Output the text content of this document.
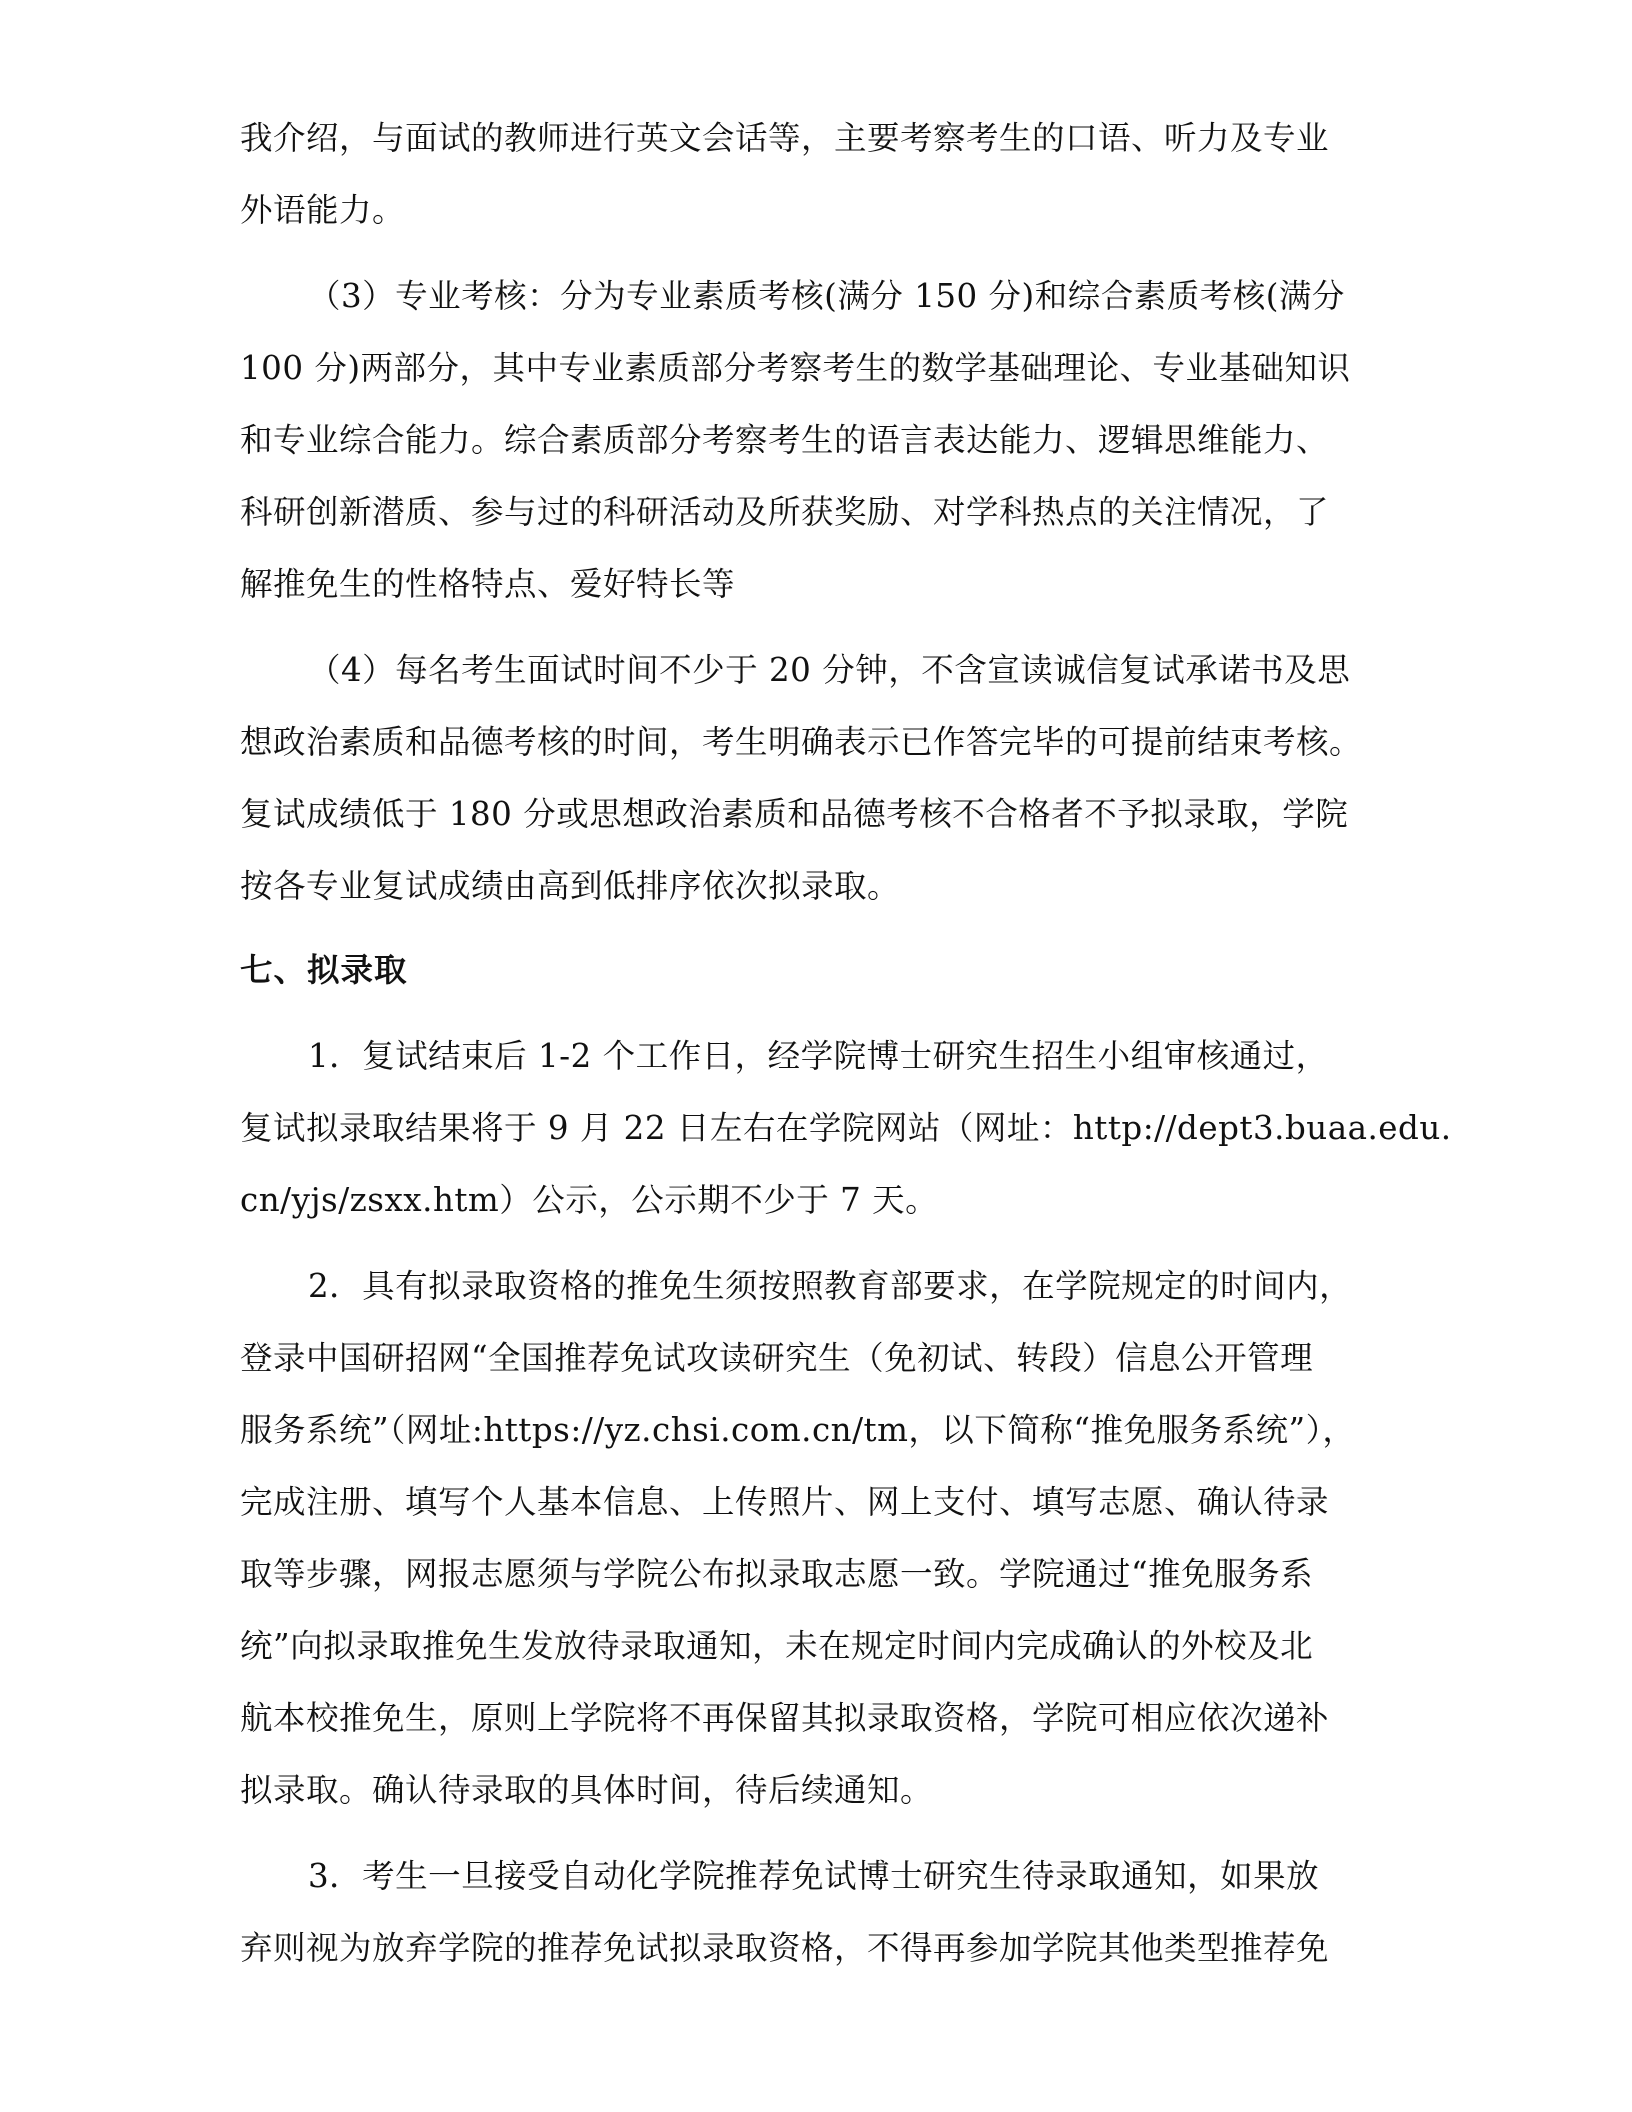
我介绍，与面试的教师进行英文会话等，主要考察考生的口语、听力及专业

外语能力。

（3）专业考核：分为专业素质考核(满分 150 分)和综合素质考核(满分

100 分)两部分，其中专业素质部分考察考生的数学基础理论、专业基础知识

和专业综合能力。综合素质部分考察考生的语言表达能力、逻辑思维能力、

科研创新潜质、参与过的科研活动及所获奖励、对学科热点的关注情况，了

解推免生的性格特点、爱好特长等

（4）每名考生面试时间不少于 20 分钟，不含宣读诚信复试承诺书及思

想政治素质和品德考核的时间，考生明确表示已作答完毕的可提前结束考核。

复试成绩低于 180 分或思想政治素质和品德考核不合格者不予拟录取，学院

按各专业复试成绩由高到低排序依次拟录取。

七、拟录取

1．复试结束后 1-2 个工作日，经学院博士研究生招生小组审核通过，

复试拟录取结果将于 9 月 22 日左右在学院网站（网址：http://dept3.buaa.edu.

cn/yjs/zsxx.htm）公示，公示期不少于 7 天。

2．具有拟录取资格的推免生须按照教育部要求，在学院规定的时间内，

登录中国研招网“全国推荐免试攻读研究生（免初试、转段）信息公开管理

服务系统”（网址:https://yz.chsi.com.cn/tm，以下简称“推免服务系统”），

完成注册、填写个人基本信息、上传照片、网上支付、填写志愿、确认待录

取等步骤，网报志愿须与学院公布拟录取志愿一致。学院通过“推免服务系

统”向拟录取推免生发放待录取通知，未在规定时间内完成确认的外校及北

航本校推免生，原则上学院将不再保留其拟录取资格，学院可相应依次递补

拟录取。确认待录取的具体时间，待后续通知。

3．考生一旦接受自动化学院推荐免试博士研究生待录取通知，如果放

弃则视为放弃学院的推荐免试拟录取资格，不得再参加学院其他类型推荐免
